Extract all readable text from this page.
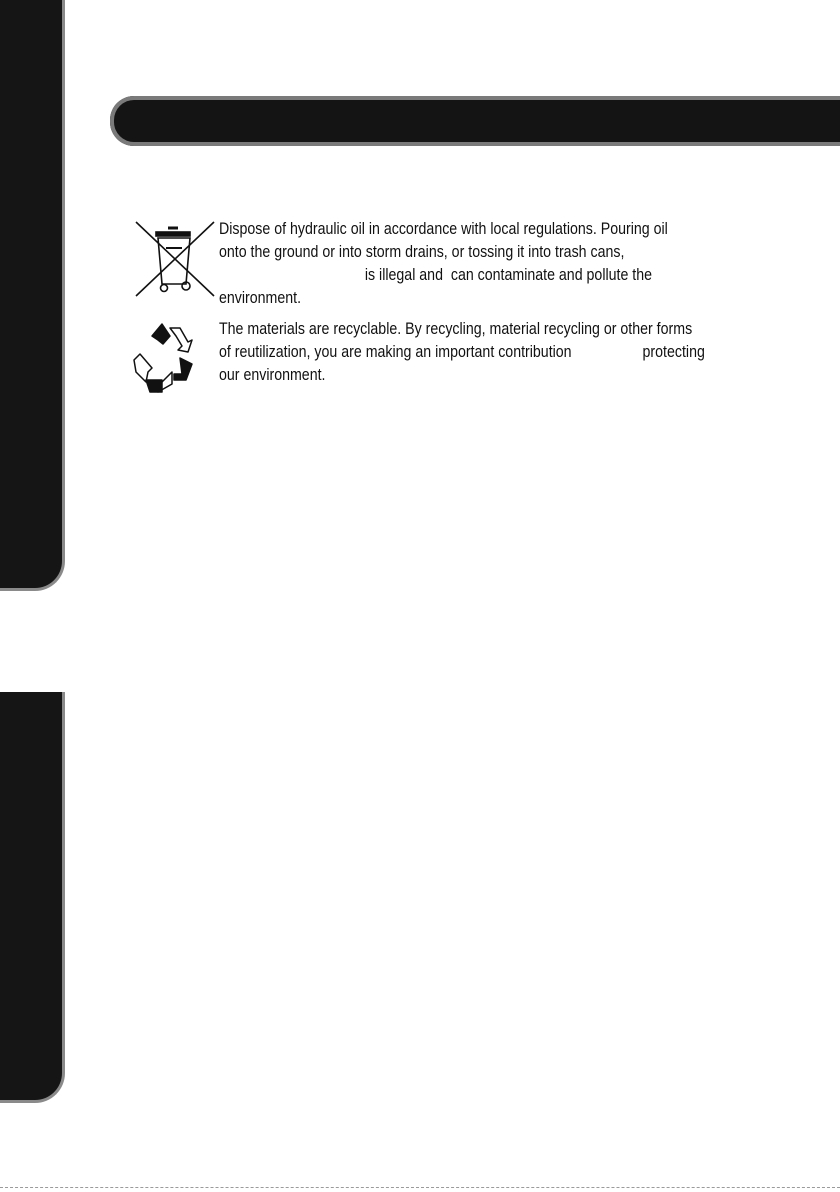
Dispose of hydraulic oil in accordance with local regulations. Pouring oil
onto the ground or into storm drains, or tossing it into trash cans,
is illegal and  can contaminate and pollute the
environment.
The materials are recyclable. By recycling, material recycling or other forms
of reutilization, you are making an important contribution                  protecting
our environment.
